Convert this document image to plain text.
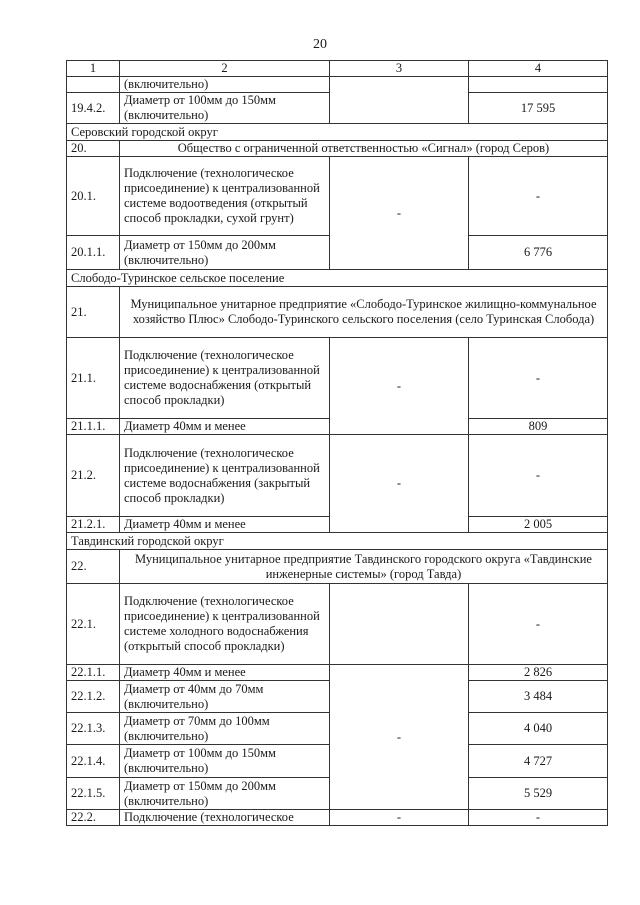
20
1	2	3	4
	(включительно)		
19.4.2.	Диаметр от 100мм до 150мм (включительно)		17 595
Серовский городской округ			
20.	Общество с ограниченной ответственностью «Сигнал» (город Серов)		
20.1.	Подключение (технологическое присоединение) к централизованной системе водоотведения (открытый способ прокладки, сухой грунт)	-	-
20.1.1.	Диаметр от 150мм до 200мм (включительно)		6 776
Слободо-Туринское сельское поселение			
21.	Муниципальное унитарное предприятие «Слободо-Туринское жилищно-коммунальное хозяйство Плюс» Слободо-Туринского сельского поселения (село Туринская Слобода)		
21.1.	Подключение (технологическое присоединение) к централизованной системе водоснабжения (открытый способ прокладки)	-	-
21.1.1.	Диаметр 40мм и менее		809
21.2.	Подключение (технологическое присоединение) к централизованной системе водоснабжения (закрытый способ прокладки)	-	-
21.2.1.	Диаметр 40мм и менее		2 005
Тавдинский городской округ			
22.	Муниципальное унитарное предприятие Тавдинского городского округа «Тавдинские инженерные системы» (город Тавда)		
22.1.	Подключение (технологическое присоединение) к централизованной системе холодного водоснабжения (открытый способ прокладки)		-
22.1.1.	Диаметр 40мм и менее	-	2 826
22.1.2.	Диаметр от 40мм до 70мм (включительно)		3 484
22.1.3.	Диаметр от 70мм до 100мм (включительно)		4 040
22.1.4.	Диаметр от 100мм до 150мм (включительно)		4 727
22.1.5.	Диаметр от 150мм до 200мм (включительно)		5 529
22.2.	Подключение (технологическое	-	-
